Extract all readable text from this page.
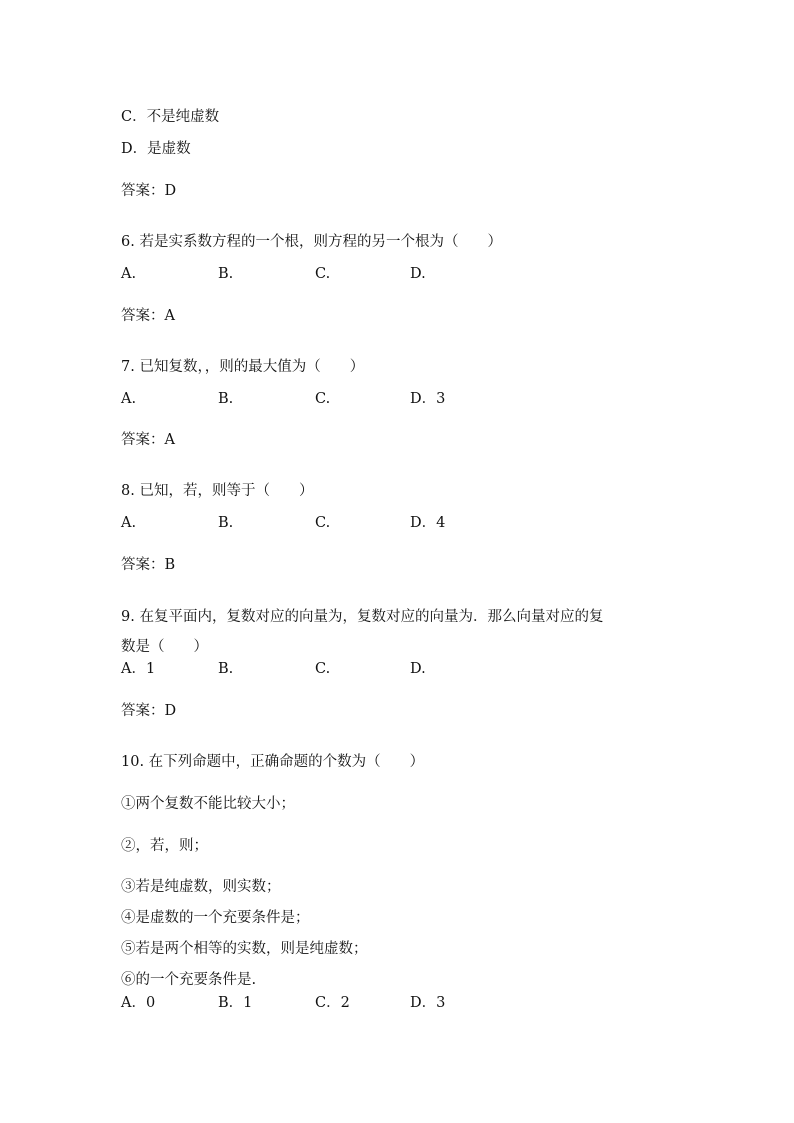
C．不是纯虚数
D．是虚数
答案：D
6. 若是实系数方程的一个根，则方程的另一个根为（　　）
A.	B.	C.	D.
答案：A
7. 已知复数，，则的最大值为（　　）
A.	B.	C.	D．3
答案：A
8. 已知，若，则等于（　　）
A.	B.	C.	D．4
答案：B
9. 在复平面内，复数对应的向量为，复数对应的向量为．那么向量对应的复
数是（　　）
A．1	B.	C.	D.
答案：D
10. 在下列命题中，正确命题的个数为（　　）
①两个复数不能比较大小；
②，若，则；
③若是纯虚数，则实数；
④是虚数的一个充要条件是；
⑤若是两个相等的实数，则是纯虚数；
⑥的一个充要条件是.
A．0	B．1	C．2	D．3
